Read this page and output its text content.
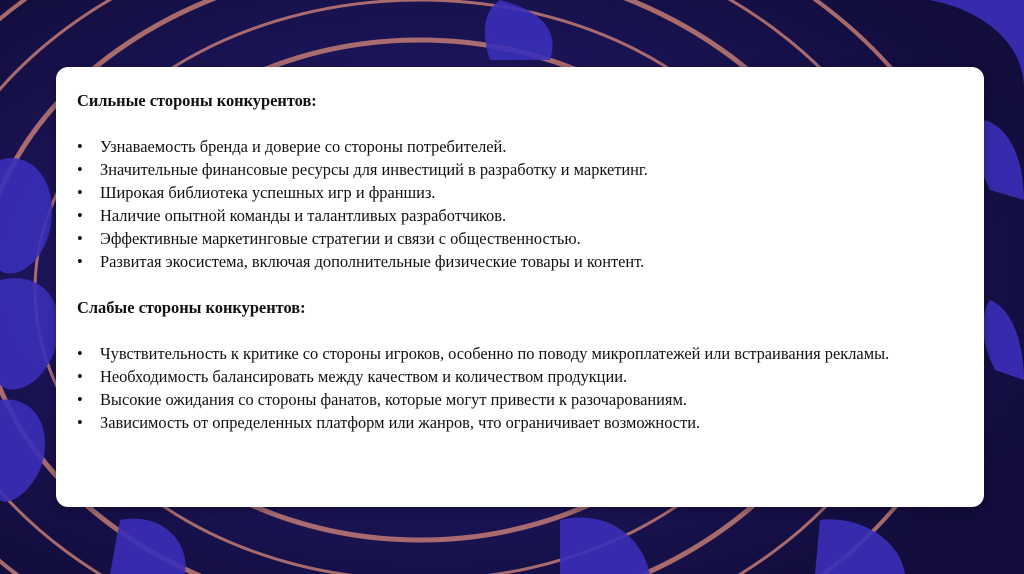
Сильные стороны конкурентов:
• Узнаваемость бренда и доверие со стороны потребителей.
• Значительные финансовые ресурсы для инвестиций в разработку и маркетинг.
• Широкая библиотека успешных игр и франшиз.
• Наличие опытной команды и талантливых разработчиков.
• Эффективные маркетинговые стратегии и связи с общественностью.
• Развитая экосистема, включая дополнительные физические товары и контент.
Слабые стороны конкурентов:
• Чувствительность к критике со стороны игроков, особенно по поводу микроплатежей или встраивания рекламы.
• Необходимость балансировать между качеством и количеством продукции.
• Высокие ожидания со стороны фанатов, которые могут привести к разочарованиям.
• Зависимость от определенных платформ или жанров, что ограничивает возможности.
